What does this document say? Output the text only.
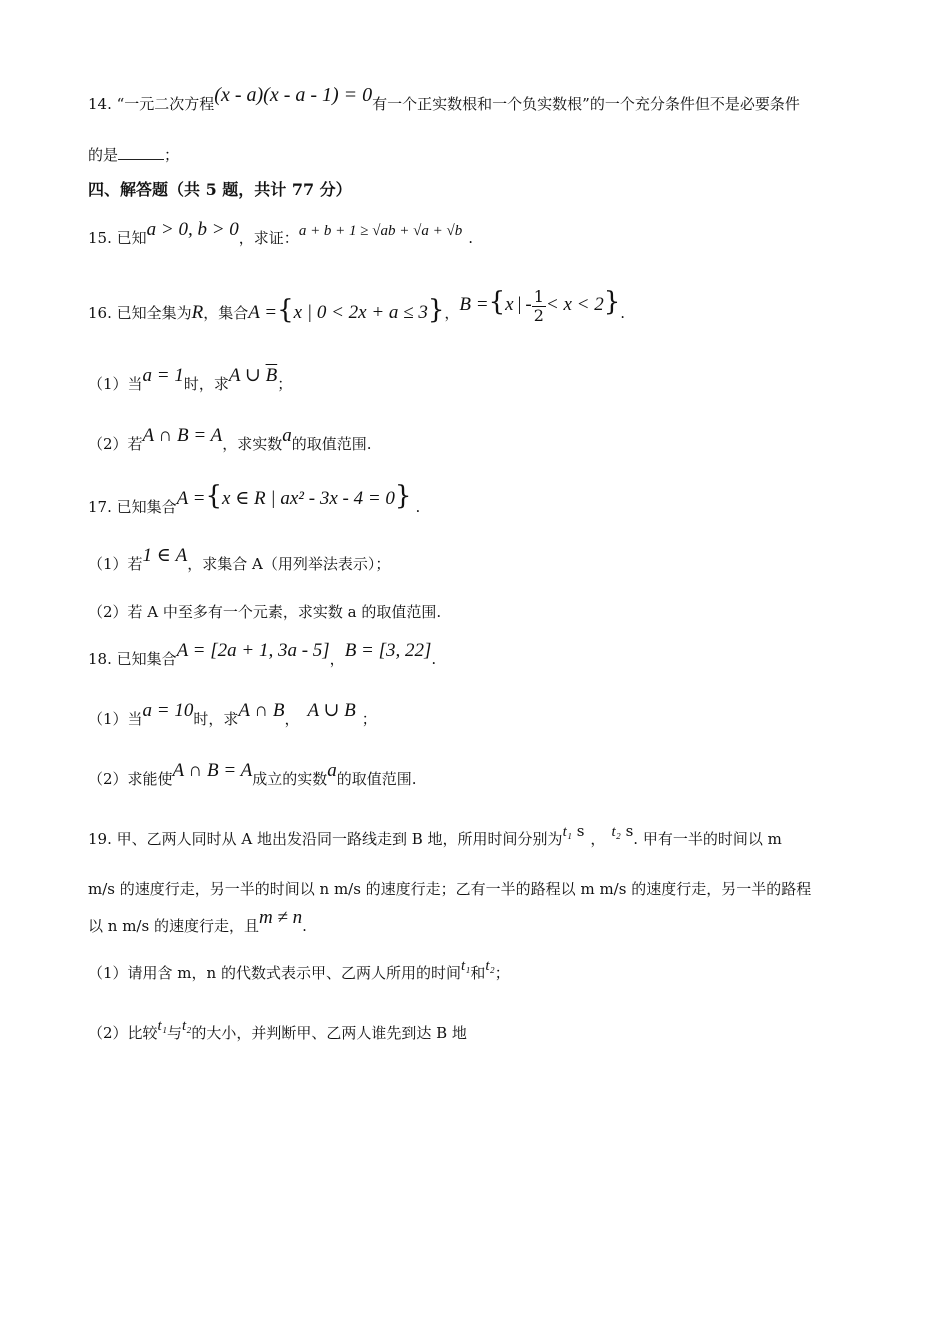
14. “一元二次方程(x - a)(x - a - 1) = 0有一个正实数根和一个负实数根”的一个充分条件但不是必要条件
的是	；
四、解答题（共 5 题，共计 77 分）
15. 已知a > 0, b > 0，求证：a + b + 1 ≥ √ab + √a + √b .
16. 已知全集为R，集合A ={x | 0 < 2x + a ≤ 3}，B ={x | - $\frac{1}{2} < x < 2$}.
（1）当a = 1时，求A ∪ $\overline{B}$；
（2）若A ∩ B = A，求实数a的取值范围.
17. 已知集合A ={x ∈ R | ax² - 3x - 4 = 0} .
（1）若1 ∈ A，求集合 A（用列举法表示）；
（2）若 A 中至多有一个元素，求实数 a 的取值范围.
18. 已知集合A = [2a + 1, 3a - 5]，B = [3, 22].
（1）当a = 10时，求A ∩ B， A ∪ B ；
（2）求能使A ∩ B = A成立的实数a的取值范围.
19. 甲、乙两人同时从 A 地出发沿同一路线走到 B 地，所用时间分别为t₁ s ， t₂ s. 甲有一半的时间以 m
m/s 的速度行走，另一半的时间以 n m/s 的速度行走；乙有一半的路程以 m m/s 的速度行走，另一半的路程
以 n m/s 的速度行走，且m ≠ n.
（1）请用含 m，n 的代数式表示甲、乙两人所用的时间t₁和t₂；
（2）比较t₁与t₂的大小，并判断甲、乙两人谁先到达 B 地
